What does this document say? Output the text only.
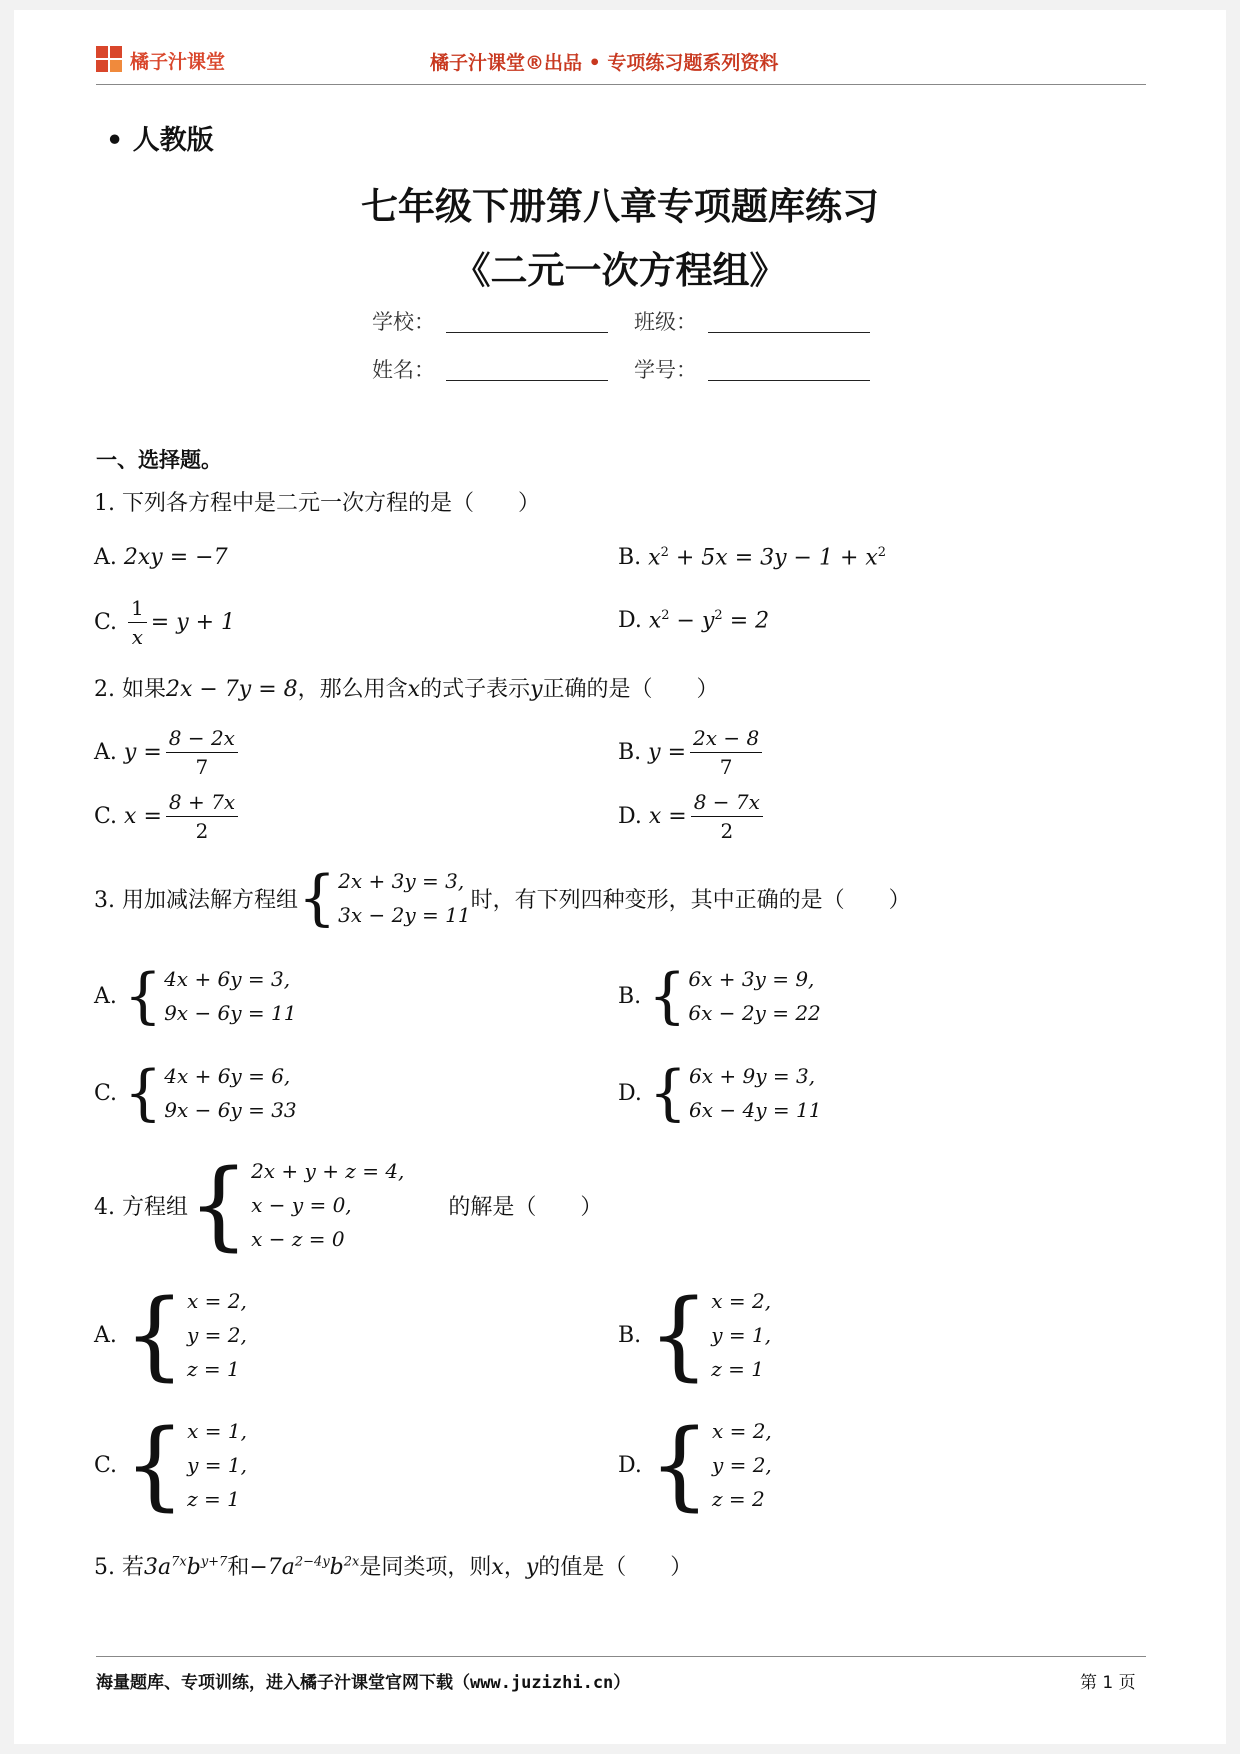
橘子汁课堂	橘子汁课堂®出品 • 专项练习题系列资料
• 人教版
七年级下册第八章专项题库练习
《二元一次方程组》
学校：	班级：
姓名：	学号：
一、选择题。
1. 下列各方程中是二元一次方程的是（　　）
A.
2xy = −7	B.
$x^2 + 5x = 3y - 1 + x^2$
C.
$\frac{1}{x} = y + 1$	D.
$x^2 - y^2 = 2$
2. 如果2x − 7y = 8，那么用含x的式子表示y正确的是（　　）
A.
$y = \frac{8 - 2x}{7}$	B.
$y = \frac{2x - 8}{7}$
C.
$x = \frac{8 + 7x}{2}$	D.
$x = \frac{8 - 7x}{2}$
3. 用加减法解方程组 { 2x + 3y = 3,
3x − 2y = 11
时，有下列四种变形，其中正确的是（　　）
A.
{ 4x + 6y = 3,
9x − 6y = 11
B.
{ 6x + 3y = 9,
6x − 2y = 22
C.
{ 4x + 6y = 6,
9x − 6y = 33
D.
{ 6x + 9y = 3,
6x − 4y = 11
4. 方程组 { 2x + y + z = 4,
x − y = 0,
x − z = 0
的解是（　　）
A.
{ x = 2,
y = 2,
z = 1
B.
{ x = 2,
y = 1,
z = 1
C.
{ x = 1,
y = 1,
z = 1
D.
{ x = 2,
y = 2,
z = 2
5. 若$3a^{7x}b^{y+7}$和$-7a^{2-4y}b^{2x}$是同类项，则x，y的值是（　　）
海量题库、专项训练，进入橘子汁课堂官网下载（www.juzizhi.cn）	第 1 页
